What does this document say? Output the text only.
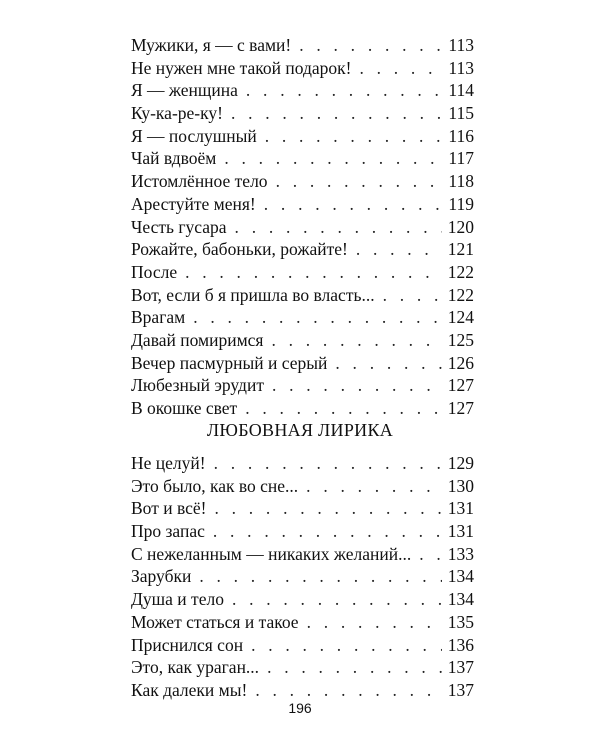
Мужики, я — с вами! . . .	113
Не нужен мне такой подарок! . . .	113
Я — женщина . . .	114
Ку-ка-ре-ку! . . .	115
Я — послушный . . .	116
Чай вдвоём . . .	117
Истомлённое тело . . .	118
Арестуйте меня! . . .	119
Честь гусара . . .	120
Рожайте, бабоньки, рожайте! . . .	121
После . . .	122
Вот, если б я пришла во власть... . . .	122
Врагам . . .	124
Давай помиримся . . .	125
Вечер пасмурный и серый . . .	126
Любезный эрудит . . .	127
В окошке свет . . .	127
ЛЮБОВНАЯ ЛИРИКА
Не целуй! . . .	129
Это было, как во сне... . . .	130
Вот и всё! . . .	131
Про запас . . .	131
С нежеланным — никаких желаний... . . . 133
Зарубки . . .	134
Душа и тело . . .	134
Может статься и такое . . .	135
Приснился сон . . .	136
Это, как ураган... . . .	137
Как далеки мы! . . .	137
196
